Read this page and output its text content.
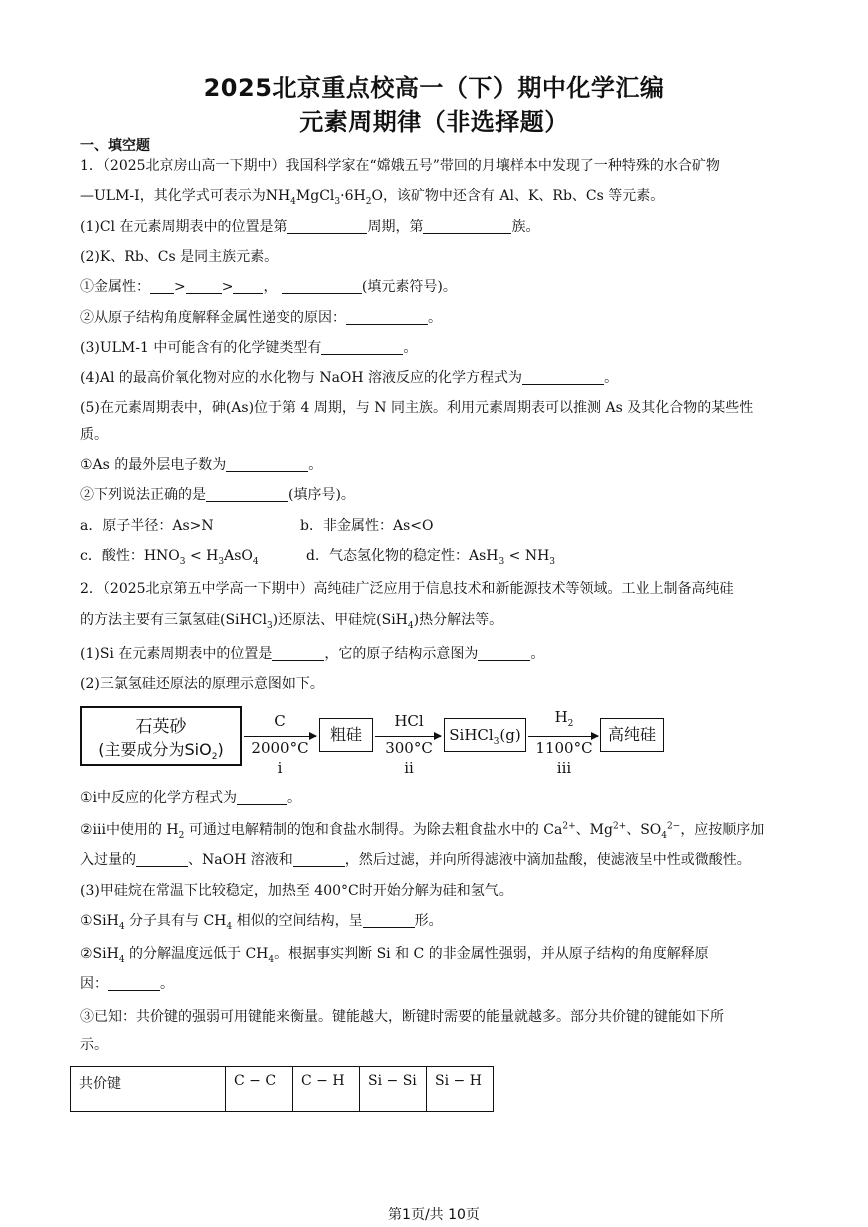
2025北京重点校高一（下）期中化学汇编
元素周期律（非选择题）
一、填空题
1．（2025北京房山高一下期中）我国科学家在“嫦娥五号”带回的月壤样本中发现了一种特殊的水合矿物
—ULM-I，其化学式可表示为$NH_4MgCl_3\cdot 6H_2O$，该矿物中还含有 Al、K、Rb、Cs 等元素。
(1)Cl 在元素周期表中的位置是第	周期，第	族。
(2)K、Rb、Cs 是同主族元素。
①金属性： >	> ，	(填元素符号)。
②从原子结构角度解释金属性递变的原因：	。
(3)ULM-1 中可能含有的化学键类型有	。
(4)Al 的最高价氧化物对应的水化物与 NaOH 溶液反应的化学方程式为	。
(5)在元素周期表中，砷(As)位于第 4 周期，与 N 同主族。利用元素周期表可以推测 As 及其化合物的某些性
质。
①As 的最外层电子数为	。
②下列说法正确的是	(填序号)。
a．原子半径：As>N	b．非金属性：As<O
c．酸性：$HNO_3 < H_3AsO_4$	d．气态氢化物的稳定性：$AsH_3 < NH_3$
2．（2025北京第五中学高一下期中）高纯硅广泛应用于信息技术和新能源技术等领域。工业上制备高纯硅
的方法主要有三氯氢硅(SiHCl$_3$)还原法、甲硅烷(SiH$_4$)热分解法等。
(1)Si 在元素周期表中的位置是	，它的原子结构示意图为	。
(2)三氯氢硅还原法的原理示意图如下。
石英砂
(主要成分为SiO$_2$)
C
2000°C
i
粗硅
HCl
300°C
ii
SiHCl$_3$(g)
$H_2$
1100°C
iii
高纯硅
①i中反应的化学方程式为	。
②iii中使用的 $H_2$ 可通过电解精制的饱和食盐水制得。为除去粗食盐水中的 $Ca^{2+}$、$Mg^{2+}$、$SO_4^{2-}$，应按顺序加
入过量的	、NaOH 溶液和	，然后过滤，并向所得滤液中滴加盐酸，使滤液呈中性或微酸性。
(3)甲硅烷在常温下比较稳定，加热至 400°C时开始分解为硅和氢气。
①SiH$_4$ 分子具有与 $CH_4$ 相似的空间结构，呈	形。
②SiH$_4$ 的分解温度远低于 $CH_4$。根据事实判断 Si 和 C 的非金属性强弱，并从原子结构的角度解释原
因：	。
③已知：共价键的强弱可用键能来衡量。键能越大，断键时需要的能量就越多。部分共价键的键能如下所
示。
共价键	C − C	C − H	Si − Si	Si − H
第1页/共 10页
